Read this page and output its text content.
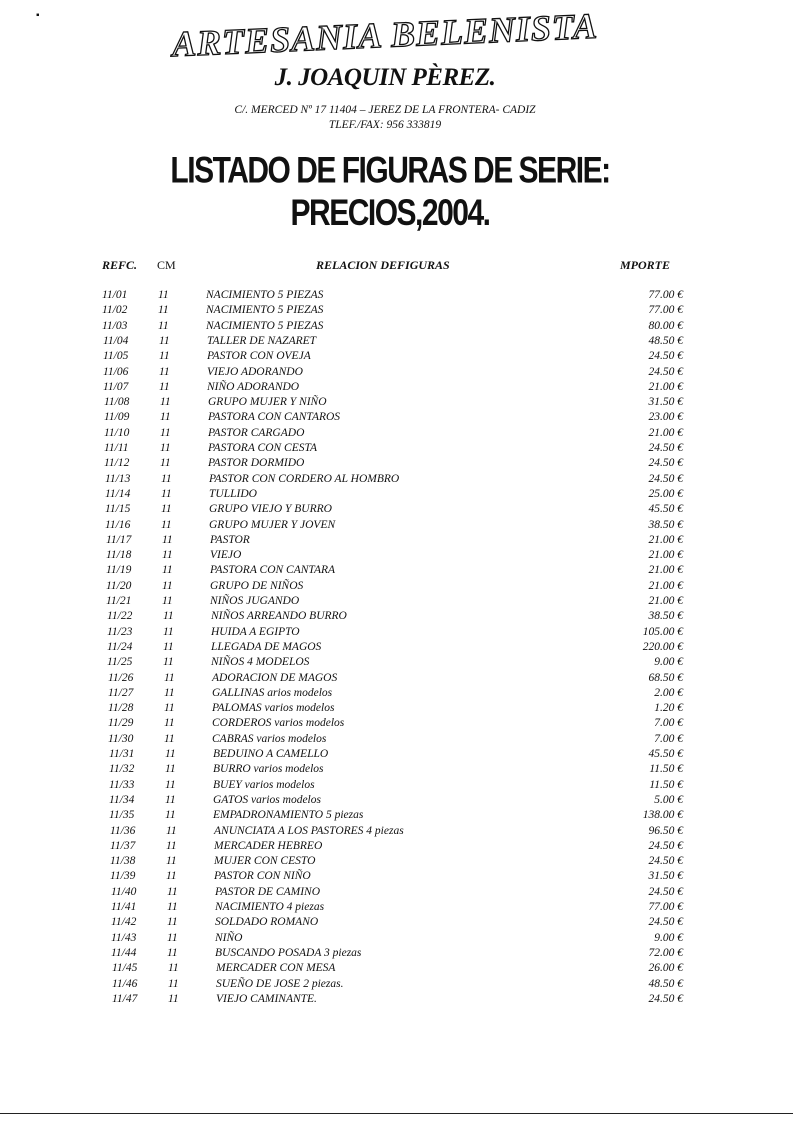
▪	ARTESANIA BELENISTA
J. JOAQUIN PÈREZ.
C/. MERCED Nº 17 11404 – JEREZ DE LA FRONTERA- CADIZ
TLEF./FAX: 956 333819
LISTADO DE FIGURAS DE SERIE: PRECIOS,2004.
REFC. CM	RELACION DEFIGURAS	MPORTE
11/01	11	NACIMIENTO 5 PIEZAS	77.00 €
11/02	11	NACIMIENTO 5 PIEZAS	77.00 €
11/03	11	NACIMIENTO 5 PIEZAS	80.00 €
11/04	11	TALLER DE NAZARET	48.50 €
11/05	11	PASTOR CON OVEJA	24.50 €
11/06	11	VIEJO ADORANDO	24.50 €
11/07	11	NIÑO ADORANDO	21.00 €
11/08	11	GRUPO MUJER Y NIÑO	31.50 €
11/09	11	PASTORA CON CANTAROS	23.00 €
11/10	11	PASTOR CARGADO	21.00 €
11/11	11	PASTORA CON CESTA	24.50 €
11/12	11	PASTOR DORMIDO	24.50 €
11/13	11	PASTOR CON CORDERO AL HOMBRO	24.50 €
11/14	11	TULLIDO	25.00 €
11/15	11	GRUPO VIEJO Y BURRO	45.50 €
11/16	11	GRUPO MUJER Y JOVEN	38.50 €
11/17	11	PASTOR	21.00 €
11/18	11	VIEJO	21.00 €
11/19	11	PASTORA CON CANTARA	21.00 €
11/20	11	GRUPO DE NIÑOS	21.00 €
11/21	11	NIÑOS JUGANDO	21.00 €
11/22	11	NIÑOS ARREANDO BURRO	38.50 €
11/23	11	HUIDA A EGIPTO	105.00 €
11/24	11	LLEGADA DE MAGOS	220.00 €
11/25	11	NIÑOS 4 MODELOS	9.00 €
11/26	11	ADORACION DE MAGOS	68.50 €
11/27	11	GALLINAS arios modelos	2.00 €
11/28	11	PALOMAS varios modelos	1.20 €
11/29	11	CORDEROS varios modelos	7.00 €
11/30	11	CABRAS varios modelos	7.00 €
11/31	11	BEDUINO A CAMELLO	45.50 €
11/32	11	BURRO varios modelos	11.50 €
11/33	11	BUEY varios modelos	11.50 €
11/34	11	GATOS varios modelos	5.00 €
11/35	11	EMPADRONAMIENTO 5 piezas	138.00 €
11/36	11	ANUNCIATA A LOS PASTORES 4 piezas	96.50 €
11/37	11	MERCADER HEBREO	24.50 €
11/38	11	MUJER CON CESTO	24.50 €
11/39	11	PASTOR CON NIÑO	31.50 €
11/40	11	PASTOR DE CAMINO	24.50 €
11/41	11	NACIMIENTO 4 piezas	77.00 €
11/42	11	SOLDADO ROMANO	24.50 €
11/43	11	NIÑO	9.00 €
11/44	11	BUSCANDO POSADA 3 piezas	72.00 €
11/45	11	MERCADER CON MESA	26.00 €
11/46	11	SUEÑO DE JOSE 2 piezas.	48.50 €
11/47	11	VIEJO CAMINANTE.	24.50 €
